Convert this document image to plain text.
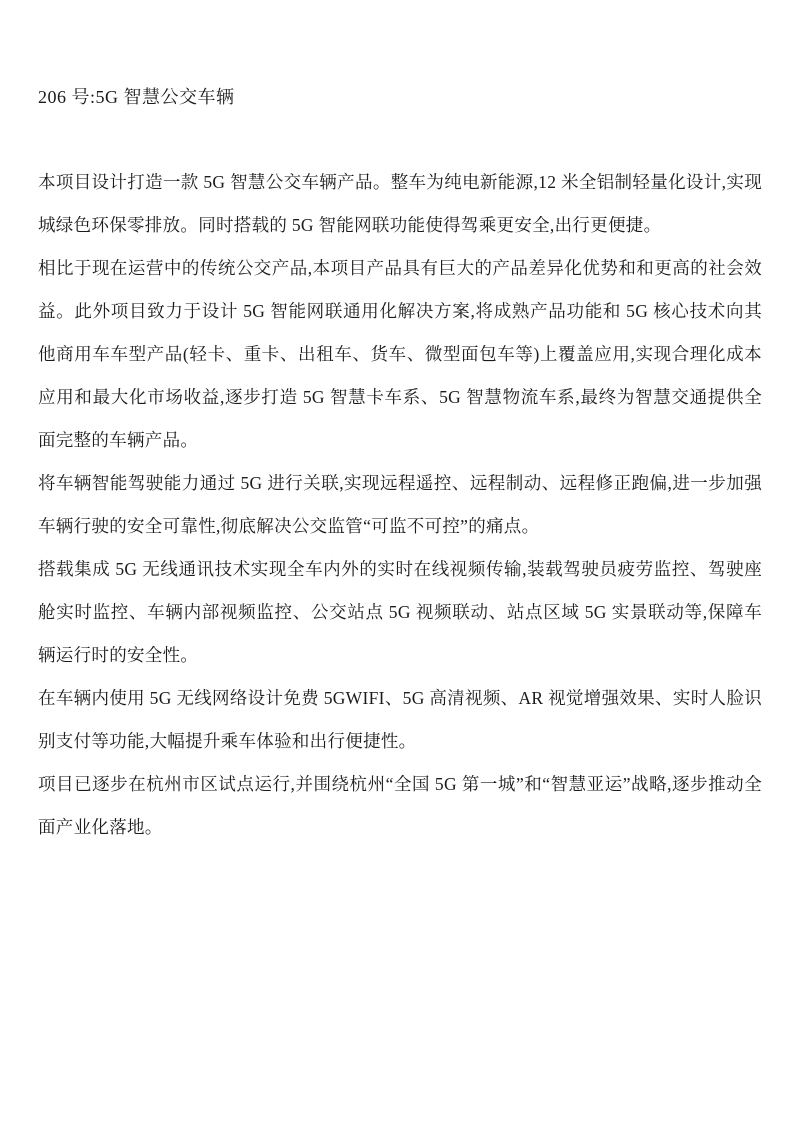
206 号:5G 智慧公交车辆

本项目设计打造一款 5G 智慧公交车辆产品。整车为纯电新能源,12 米全铝制轻量化设计,实现城绿色环保零排放。同时搭载的 5G 智能网联功能使得驾乘更安全,出行更便捷。

相比于现在运营中的传统公交产品,本项目产品具有巨大的产品差异化优势和和更高的社会效益。此外项目致力于设计 5G 智能网联通用化解决方案,将成熟产品功能和 5G 核心技术向其他商用车车型产品(轻卡、重卡、出租车、货车、微型面包车等)上覆盖应用,实现合理化成本应用和最大化市场收益,逐步打造 5G 智慧卡车系、5G 智慧物流车系,最终为智慧交通提供全面完整的车辆产品。

将车辆智能驾驶能力通过 5G 进行关联,实现远程遥控、远程制动、远程修正跑偏,进一步加强车辆行驶的安全可靠性,彻底解决公交监管“可监不可控”的痛点。

搭载集成 5G 无线通讯技术实现全车内外的实时在线视频传输,装载驾驶员疲劳监控、驾驶座舱实时监控、车辆内部视频监控、公交站点 5G 视频联动、站点区域 5G 实景联动等,保障车辆运行时的安全性。

在车辆内使用 5G 无线网络设计免费 5GWIFI、5G 高清视频、AR 视觉增强效果、实时人脸识别支付等功能,大幅提升乘车体验和出行便捷性。

项目已逐步在杭州市区试点运行,并围绕杭州“全国 5G 第一城”和“智慧亚运”战略,逐步推动全面产业化落地。
